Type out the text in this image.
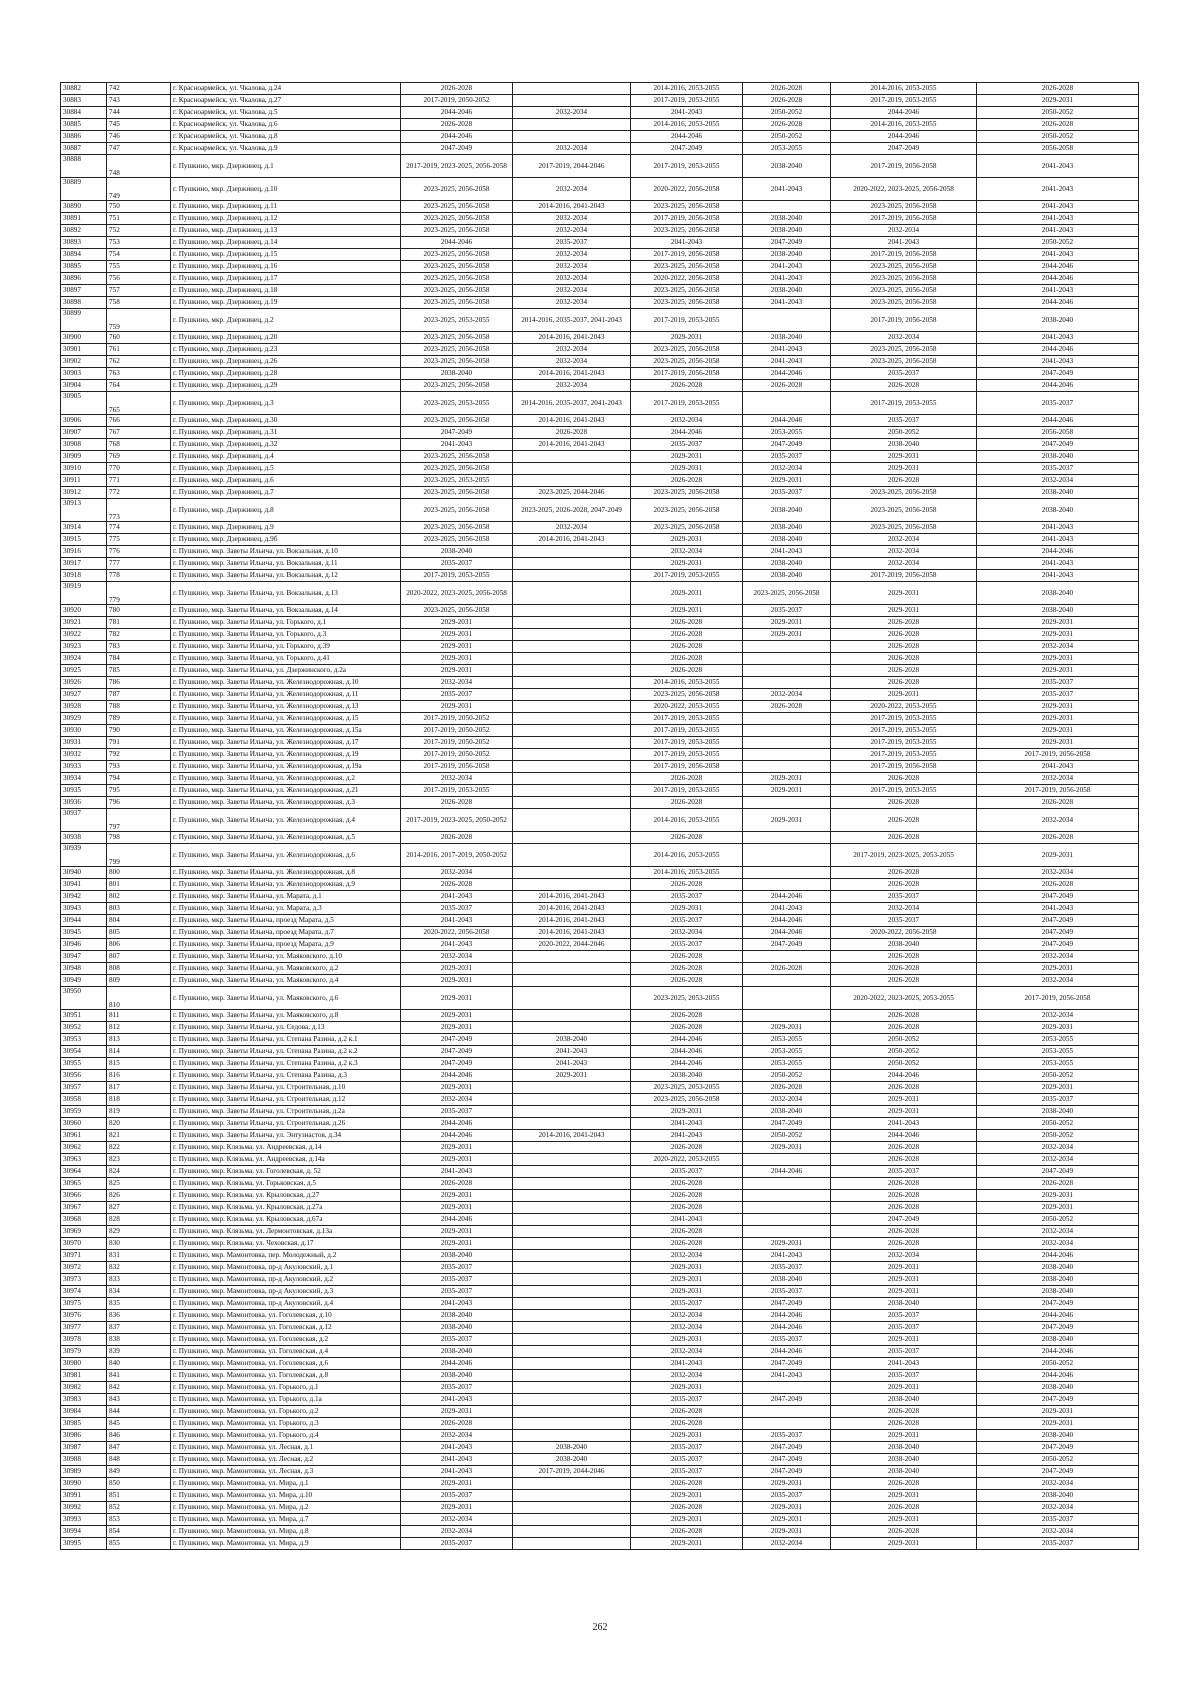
30882	742	г. Красноармейск, ул. Чкалова, д.24	2026-2028		2014-2016, 2053-2055	2026-2028	2014-2016, 2053-2055	2026-2028
30883	743	г. Красноармейск, ул. Чкалова, д.27	2017-2019, 2050-2052		2017-2019, 2053-2055	2026-2028	2017-2019, 2053-2055	2029-2031
30884	744	г. Красноармейск, ул. Чкалова, д.5	2044-2046	2032-2034	2041-2043	2050-2052	2044-2046	2050-2052
30885	745	г. Красноармейск, ул. Чкалова, д.6	2026-2028		2014-2016, 2053-2055	2026-2028	2014-2016, 2053-2055	2026-2028
30886	746	г. Красноармейск, ул. Чкалова, д.8	2044-2046		2044-2046	2050-2052	2044-2046	2050-2052
30887	747	г. Красноармейск, ул. Чкалова, д.9	2047-2049	2032-2034	2047-2049	2053-2055	2047-2049	2056-2058
30888	748	г. Пушкино, мкр. Дзержинец, д.1	2017-2019, 2023-2025, 2056-2058	2017-2019, 2044-2046	2017-2019, 2053-2055	2038-2040	2017-2019, 2056-2058	2041-2043
30889	749	г. Пушкино, мкр. Дзержинец, д.10	2023-2025, 2056-2058	2032-2034	2020-2022, 2056-2058	2041-2043	2020-2022, 2023-2025, 2056-2058	2041-2043
30890	750	г. Пушкино, мкр. Дзержинец, д.11	2023-2025, 2056-2058	2014-2016, 2041-2043	2023-2025, 2056-2058		2023-2025, 2056-2058	2041-2043
30891	751	г. Пушкино, мкр. Дзержинец, д.12	2023-2025, 2056-2058	2032-2034	2017-2019, 2056-2058	2038-2040	2017-2019, 2056-2058	2041-2043
30892	752	г. Пушкино, мкр. Дзержинец, д.13	2023-2025, 2056-2058	2032-2034	2023-2025, 2056-2058	2038-2040	2032-2034	2041-2043
30893	753	г. Пушкино, мкр. Дзержинец, д.14	2044-2046	2035-2037	2041-2043	2047-2049	2041-2043	2050-2052
30894	754	г. Пушкино, мкр. Дзержинец, д.15	2023-2025, 2056-2058	2032-2034	2017-2019, 2056-2058	2038-2040	2017-2019, 2056-2058	2041-2043
30895	755	г. Пушкино, мкр. Дзержинец, д.16	2023-2025, 2056-2058	2032-2034	2023-2025, 2056-2058	2041-2043	2023-2025, 2056-2058	2044-2046
30896	756	г. Пушкино, мкр. Дзержинец, д.17	2023-2025, 2056-2058	2032-2034	2020-2022, 2056-2058	2041-2043	2023-2025, 2056-2058	2044-2046
30897	757	г. Пушкино, мкр. Дзержинец, д.18	2023-2025, 2056-2058	2032-2034	2023-2025, 2056-2058	2038-2040	2023-2025, 2056-2058	2041-2043
30898	758	г. Пушкино, мкр. Дзержинец, д.19	2023-2025, 2056-2058	2032-2034	2023-2025, 2056-2058	2041-2043	2023-2025, 2056-2058	2044-2046
30899	759	г. Пушкино, мкр. Дзержинец, д.2	2023-2025, 2053-2055	2014-2016, 2035-2037, 2041-2043	2017-2019, 2053-2055		2017-2019, 2056-2058	2038-2040
30900	760	г. Пушкино, мкр. Дзержинец, д.20	2023-2025, 2056-2058	2014-2016, 2041-2043	2029-2031	2038-2040	2032-2034	2041-2043
30901	761	г. Пушкино, мкр. Дзержинец, д.23	2023-2025, 2056-2058	2032-2034	2023-2025, 2056-2058	2041-2043	2023-2025, 2056-2058	2044-2046
30902	762	г. Пушкино, мкр. Дзержинец, д.26	2023-2025, 2056-2058	2032-2034	2023-2025, 2056-2058	2041-2043	2023-2025, 2056-2058	2041-2043
30903	763	г. Пушкино, мкр. Дзержинец, д.28	2038-2040	2014-2016, 2041-2043	2017-2019, 2056-2058	2044-2046	2035-2037	2047-2049
30904	764	г. Пушкино, мкр. Дзержинец, д.29	2023-2025, 2056-2058	2032-2034	2026-2028	2026-2028	2026-2028	2044-2046
30905	765	г. Пушкино, мкр. Дзержинец, д.3	2023-2025, 2053-2055	2014-2016, 2035-2037, 2041-2043	2017-2019, 2053-2055		2017-2019, 2053-2055	2035-2037
30906	766	г. Пушкино, мкр. Дзержинец, д.30	2023-2025, 2056-2058	2014-2016, 2041-2043	2032-2034	2044-2046	2035-2037	2044-2046
30907	767	г. Пушкино, мкр. Дзержинец, д.31	2047-2049	2026-2028	2044-2046	2053-2055	2050-2052	2056-2058
30908	768	г. Пушкино, мкр. Дзержинец, д.32	2041-2043	2014-2016, 2041-2043	2035-2037	2047-2049	2038-2040	2047-2049
30909	769	г. Пушкино, мкр. Дзержинец, д.4	2023-2025, 2056-2058		2029-2031	2035-2037	2029-2031	2038-2040
30910	770	г. Пушкино, мкр. Дзержинец, д.5	2023-2025, 2056-2058		2029-2031	2032-2034	2029-2031	2035-2037
30911	771	г. Пушкино, мкр. Дзержинец, д.6	2023-2025, 2053-2055		2026-2028	2029-2031	2026-2028	2032-2034
30912	772	г. Пушкино, мкр. Дзержинец, д.7	2023-2025, 2056-2058	2023-2025, 2044-2046	2023-2025, 2056-2058	2035-2037	2023-2025, 2056-2058	2038-2040
30913	773	г. Пушкино, мкр. Дзержинец, д.8	2023-2025, 2056-2058	2023-2025, 2026-2028, 2047-2049	2023-2025, 2056-2058	2038-2040	2023-2025, 2056-2058	2038-2040
30914	774	г. Пушкино, мкр. Дзержинец, д.9	2023-2025, 2056-2058	2032-2034	2023-2025, 2056-2058	2038-2040	2023-2025, 2056-2058	2041-2043
30915	775	г. Пушкино, мкр. Дзержинец, д.9б	2023-2025, 2056-2058	2014-2016, 2041-2043	2029-2031	2038-2040	2032-2034	2041-2043
30916	776	г. Пушкино, мкр. Заветы Ильича, ул. Вокзальная, д.10	2038-2040		2032-2034	2041-2043	2032-2034	2044-2046
30917	777	г. Пушкино, мкр. Заветы Ильича, ул. Вокзальная, д.11	2035-2037		2029-2031	2038-2040	2032-2034	2041-2043
30918	778	г. Пушкино, мкр. Заветы Ильича, ул. Вокзальная, д.12	2017-2019, 2053-2055		2017-2019, 2053-2055	2038-2040	2017-2019, 2056-2058	2041-2043
30919	779	г. Пушкино, мкр. Заветы Ильича, ул. Вокзальная, д.13	2020-2022, 2023-2025, 2056-2058		2029-2031	2023-2025, 2056-2058	2029-2031	2038-2040
30920	780	г. Пушкино, мкр. Заветы Ильича, ул. Вокзальная, д.14	2023-2025, 2056-2058		2029-2031	2035-2037	2029-2031	2038-2040
30921	781	г. Пушкино, мкр. Заветы Ильича, ул. Горького, д.1	2029-2031		2026-2028	2029-2031	2026-2028	2029-2031
30922	782	г. Пушкино, мкр. Заветы Ильича, ул. Горького, д.3	2029-2031		2026-2028	2029-2031	2026-2028	2029-2031
30923	783	г. Пушкино, мкр. Заветы Ильича, ул. Горького, д.39	2029-2031		2026-2028		2026-2028	2032-2034
30924	784	г. Пушкино, мкр. Заветы Ильича, ул. Горького, д.41	2029-2031		2026-2028		2026-2028	2029-2031
30925	785	г. Пушкино, мкр. Заветы Ильича, ул. Дзержинского, д.2а	2029-2031		2026-2028		2026-2028	2029-2031
30926	786	г. Пушкино, мкр. Заветы Ильича, ул. Железнодорожная, д.10	2032-2034		2014-2016, 2053-2055		2026-2028	2035-2037
30927	787	г. Пушкино, мкр. Заветы Ильича, ул. Железнодорожная, д.11	2035-2037		2023-2025, 2056-2058	2032-2034	2029-2031	2035-2037
30928	788	г. Пушкино, мкр. Заветы Ильича, ул. Железнодорожная, д.13	2029-2031		2020-2022, 2053-2055	2026-2028	2020-2022, 2053-2055	2029-2031
30929	789	г. Пушкино, мкр. Заветы Ильича, ул. Железнодорожная, д.15	2017-2019, 2050-2052		2017-2019, 2053-2055		2017-2019, 2053-2055	2029-2031
30930	790	г. Пушкино, мкр. Заветы Ильича, ул. Железнодорожная, д.15а	2017-2019, 2050-2052		2017-2019, 2053-2055		2017-2019, 2053-2055	2029-2031
30931	791	г. Пушкино, мкр. Заветы Ильича, ул. Железнодорожная, д.17	2017-2019, 2050-2052		2017-2019, 2053-2055		2017-2019, 2053-2055	2029-2031
30932	792	г. Пушкино, мкр. Заветы Ильича, ул. Железнодорожная, д.19	2017-2019, 2050-2052		2017-2019, 2053-2055		2017-2019, 2053-2055	2017-2019, 2056-2058
30933	793	г. Пушкино, мкр. Заветы Ильича, ул. Железнодорожная, д.19а	2017-2019, 2056-2058		2017-2019, 2056-2058		2017-2019, 2056-2058	2041-2043
30934	794	г. Пушкино, мкр. Заветы Ильича, ул. Железнодорожная, д.2	2032-2034		2026-2028	2029-2031	2026-2028	2032-2034
30935	795	г. Пушкино, мкр. Заветы Ильича, ул. Железнодорожная, д.21	2017-2019, 2053-2055		2017-2019, 2053-2055	2029-2031	2017-2019, 2053-2055	2017-2019, 2056-2058
30936	796	г. Пушкино, мкр. Заветы Ильича, ул. Железнодорожная, д.3	2026-2028		2026-2028		2026-2028	2026-2028
30937	797	г. Пушкино, мкр. Заветы Ильича, ул. Железнодорожная, д.4	2017-2019, 2023-2025, 2050-2052		2014-2016, 2053-2055	2029-2031	2026-2028	2032-2034
30938	798	г. Пушкино, мкр. Заветы Ильича, ул. Железнодорожная, д.5	2026-2028		2026-2028		2026-2028	2026-2028
30939	799	г. Пушкино, мкр. Заветы Ильича, ул. Железнодорожная, д.6	2014-2016, 2017-2019, 2050-2052		2014-2016, 2053-2055		2017-2019, 2023-2025, 2053-2055	2029-2031
30940	800	г. Пушкино, мкр. Заветы Ильича, ул. Железнодорожная, д.8	2032-2034		2014-2016, 2053-2055		2026-2028	2032-2034
30941	801	г. Пушкино, мкр. Заветы Ильича, ул. Железнодорожная, д.9	2026-2028		2026-2028		2026-2028	2026-2028
30942	802	г. Пушкино, мкр. Заветы Ильича, ул. Марата, д.1	2041-2043	2014-2016, 2041-2043	2035-2037	2044-2046	2035-2037	2047-2049
30943	803	г. Пушкино, мкр. Заветы Ильича, ул. Марата, д.3	2035-2037	2014-2016, 2041-2043	2029-2031	2041-2043	2032-2034	2041-2043
30944	804	г. Пушкино, мкр. Заветы Ильича, проезд Марата, д.5	2041-2043	2014-2016, 2041-2043	2035-2037	2044-2046	2035-2037	2047-2049
30945	805	г. Пушкино, мкр. Заветы Ильича, проезд Марата, д.7	2020-2022, 2056-2058	2014-2016, 2041-2043	2032-2034	2044-2046	2020-2022, 2056-2058	2047-2049
30946	806	г. Пушкино, мкр. Заветы Ильича, проезд Марата, д.9	2041-2043	2020-2022, 2044-2046	2035-2037	2047-2049	2038-2040	2047-2049
30947	807	г. Пушкино, мкр. Заветы Ильича, ул. Маяковского, д.10	2032-2034		2026-2028		2026-2028	2032-2034
30948	808	г. Пушкино, мкр. Заветы Ильича, ул. Маяковского, д.2	2029-2031		2026-2028	2026-2028	2026-2028	2029-2031
30949	809	г. Пушкино, мкр. Заветы Ильича, ул. Маяковского, д.4	2029-2031		2026-2028		2026-2028	2032-2034
30950	810	г. Пушкино, мкр. Заветы Ильича, ул. Маяковского, д.6	2029-2031		2023-2025, 2053-2055		2020-2022, 2023-2025, 2053-2055	2017-2019, 2056-2058
30951	811	г. Пушкино, мкр. Заветы Ильича, ул. Маяковского, д.8	2029-2031		2026-2028		2026-2028	2032-2034
30952	812	г. Пушкино, мкр. Заветы Ильича, ул. Седова, д.13	2029-2031		2026-2028	2029-2031	2026-2028	2029-2031
30953	813	г. Пушкино, мкр. Заветы Ильича, ул. Степана Разина, д.2 к.1	2047-2049	2038-2040	2044-2046	2053-2055	2050-2052	2053-2055
30954	814	г. Пушкино, мкр. Заветы Ильича, ул. Степана Разина, д.2 к.2	2047-2049	2041-2043	2044-2046	2053-2055	2050-2052	2053-2055
30955	815	г. Пушкино, мкр. Заветы Ильича, ул. Степана Разина, д.2 к.3	2047-2049	2041-2043	2044-2046	2053-2055	2050-2052	2053-2055
30956	816	г. Пушкино, мкр. Заветы Ильича, ул. Степана Разина, д.3	2044-2046	2029-2031	2038-2040	2050-2052	2044-2046	2050-2052
30957	817	г. Пушкино, мкр. Заветы Ильича, ул. Строительная, д.10	2029-2031		2023-2025, 2053-2055	2026-2028	2026-2028	2029-2031
30958	818	г. Пушкино, мкр. Заветы Ильича, ул. Строительная, д.12	2032-2034		2023-2025, 2056-2058	2032-2034	2029-2031	2035-2037
30959	819	г. Пушкино, мкр. Заветы Ильича, ул. Строительная, д.2а	2035-2037		2029-2031	2038-2040	2029-2031	2038-2040
30960	820	г. Пушкино, мкр. Заветы Ильича, ул. Строительная, д.26	2044-2046		2041-2043	2047-2049	2041-2043	2050-2052
30961	821	г. Пушкино, мкр. Заветы Ильича, ул. Энтузиастов, д.34	2044-2046	2014-2016, 2041-2043	2041-2043	2050-2052	2044-2046	2050-2052
30962	822	г. Пушкино, мкр. Клязьма, ул. Андреевская, д.14	2029-2031		2026-2028	2029-2031	2026-2028	2032-2034
30963	823	г. Пушкино, мкр. Клязьма, ул. Андреевская, д.14а	2029-2031		2020-2022, 2053-2055		2026-2028	2032-2034
30964	824	г. Пушкино, мкр. Клязьма, ул. Гоголевская, д. 52	2041-2043		2035-2037	2044-2046	2035-2037	2047-2049
30965	825	г. Пушкино, мкр. Клязьма, ул. Горьковская, д.5	2026-2028		2026-2028		2026-2028	2026-2028
30966	826	г. Пушкино, мкр. Клязьма, ул. Крыловская, д.27	2029-2031		2026-2028		2026-2028	2029-2031
30967	827	г. Пушкино, мкр. Клязьма, ул. Крыловская, д.27а	2029-2031		2026-2028		2026-2028	2029-2031
30968	828	г. Пушкино, мкр. Клязьма, ул. Крыловская, д.67а	2044-2046		2041-2043		2047-2049	2050-2052
30969	829	г. Пушкино, мкр. Клязьма, ул. Лермонтовская, д.13а	2029-2031		2026-2028		2026-2028	2032-2034
30970	830	г. Пушкино, мкр. Клязьма, ул. Чеховская, д.17	2029-2031		2026-2028	2029-2031	2026-2028	2032-2034
30971	831	г. Пушкино, мкр. Мамонтовка, пер. Молодежный, д.2	2038-2040		2032-2034	2041-2043	2032-2034	2044-2046
30972	832	г. Пушкино, мкр. Мамонтовка, пр-д Акуловский, д.1	2035-2037		2029-2031	2035-2037	2029-2031	2038-2040
30973	833	г. Пушкино, мкр. Мамонтовка, пр-д Акуловский, д.2	2035-2037		2029-2031	2038-2040	2029-2031	2038-2040
30974	834	г. Пушкино, мкр. Мамонтовка, пр-д Акуловский, д.3	2035-2037		2029-2031	2035-2037	2029-2031	2038-2040
30975	835	г. Пушкино, мкр. Мамонтовка, пр-д Акуловский, д.4	2041-2043		2035-2037	2047-2049	2038-2040	2047-2049
30976	836	г. Пушкино, мкр. Мамонтовка, ул. Гоголевская, д.10	2038-2040		2032-2034	2044-2046	2035-2037	2044-2046
30977	837	г. Пушкино, мкр. Мамонтовка, ул. Гоголевская, д.12	2038-2040		2032-2034	2044-2046	2035-2037	2047-2049
30978	838	г. Пушкино, мкр. Мамонтовка, ул. Гоголевская, д.2	2035-2037		2029-2031	2035-2037	2029-2031	2038-2040
30979	839	г. Пушкино, мкр. Мамонтовка, ул. Гоголевская, д.4	2038-2040		2032-2034	2044-2046	2035-2037	2044-2046
30980	840	г. Пушкино, мкр. Мамонтовка, ул. Гоголевская, д.6	2044-2046		2041-2043	2047-2049	2041-2043	2050-2052
30981	841	г. Пушкино, мкр. Мамонтовка, ул. Гоголевская, д.8	2038-2040		2032-2034	2041-2043	2035-2037	2044-2046
30982	842	г. Пушкино, мкр. Мамонтовка, ул. Горького, д.1	2035-2037		2029-2031		2029-2031	2038-2040
30983	843	г. Пушкино, мкр. Мамонтовка, ул. Горького, д.1а	2041-2043		2035-2037	2047-2049	2038-2040	2047-2049
30984	844	г. Пушкино, мкр. Мамонтовка, ул. Горького, д.2	2029-2031		2026-2028		2026-2028	2029-2031
30985	845	г. Пушкино, мкр. Мамонтовка, ул. Горького, д.3	2026-2028		2026-2028		2026-2028	2029-2031
30986	846	г. Пушкино, мкр. Мамонтовка, ул. Горького, д.4	2032-2034		2029-2031	2035-2037	2029-2031	2038-2040
30987	847	г. Пушкино, мкр. Мамонтовка, ул. Лесная, д.1	2041-2043	2038-2040	2035-2037	2047-2049	2038-2040	2047-2049
30988	848	г. Пушкино, мкр. Мамонтовка, ул. Лесная, д.2	2041-2043	2038-2040	2035-2037	2047-2049	2038-2040	2050-2052
30989	849	г. Пушкино, мкр. Мамонтовка, ул. Лесная, д.3	2041-2043	2017-2019, 2044-2046	2035-2037	2047-2049	2038-2040	2047-2049
30990	850	г. Пушкино, мкр. Мамонтовка, ул. Мира, д.1	2029-2031		2026-2028	2029-2031	2026-2028	2032-2034
30991	851	г. Пушкино, мкр. Мамонтовка, ул. Мира, д.10	2035-2037		2029-2031	2035-2037	2029-2031	2038-2040
30992	852	г. Пушкино, мкр. Мамонтовка, ул. Мира, д.2	2029-2031		2026-2028	2029-2031	2026-2028	2032-2034
30993	853	г. Пушкино, мкр. Мамонтовка, ул. Мира, д.7	2032-2034		2029-2031	2029-2031	2029-2031	2035-2037
30994	854	г. Пушкино, мкр. Мамонтовка, ул. Мира, д.8	2032-2034		2026-2028	2029-2031	2026-2028	2032-2034
30995	855	г. Пушкино, мкр. Мамонтовка, ул. Мира, д.9	2035-2037		2029-2031	2032-2034	2029-2031	2035-2037
262
